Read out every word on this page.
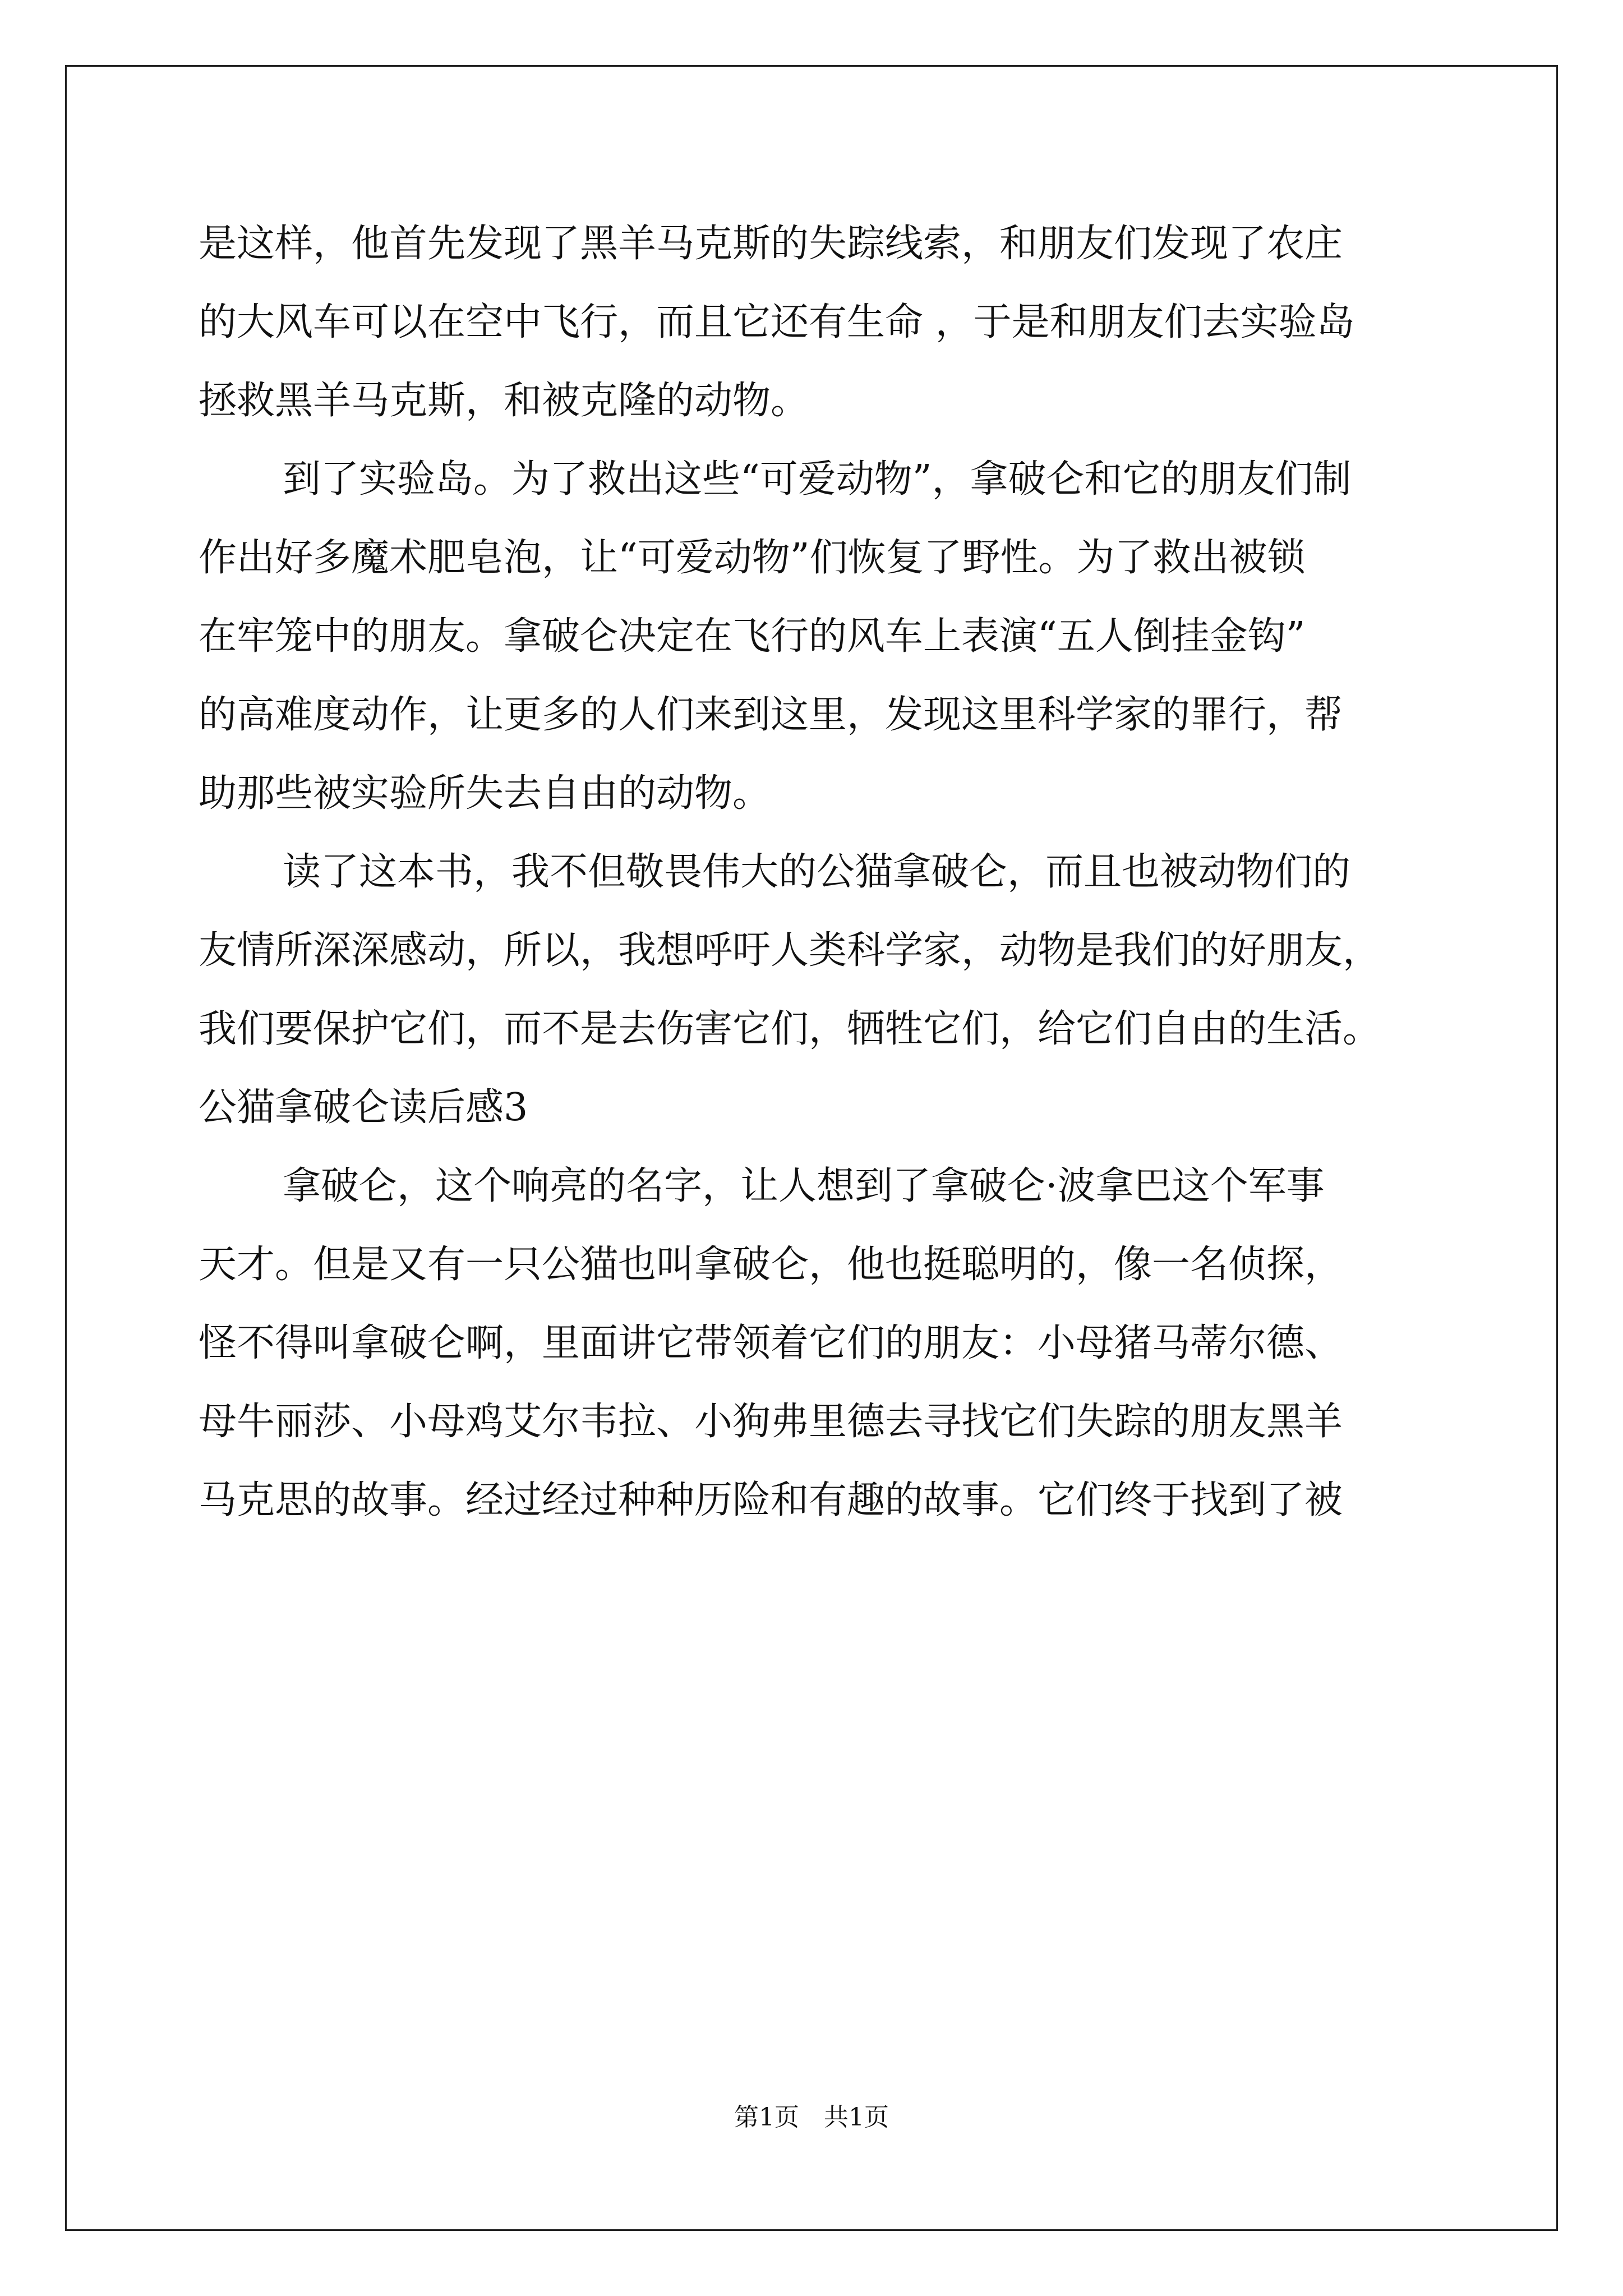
是这样，他首先发现了黑羊马克斯的失踪线索，和朋友们发现了农庄
的大风车可以在空中飞行，而且它还有生命 ，于是和朋友们去实验岛
拯救黑羊马克斯，和被克隆的动物。
到了实验岛。为了救出这些“可爱动物”，拿破仑和它的朋友们制
作出好多魔术肥皂泡，让“可爱动物”们恢复了野性。为了救出被锁
在牢笼中的朋友。拿破仑决定在飞行的风车上表演“五人倒挂金钩”
的高难度动作，让更多的人们来到这里，发现这里科学家的罪行，帮
助那些被实验所失去自由的动物。
读了这本书，我不但敬畏伟大的公猫拿破仑，而且也被动物们的
友情所深深感动，所以，我想呼吁人类科学家，动物是我们的好朋友，
我们要保护它们，而不是去伤害它们，牺牲它们，给它们自由的生活。
公猫拿破仑读后感3
拿破仑，这个响亮的名字，让人想到了拿破仑·波拿巴这个军事
天才。但是又有一只公猫也叫拿破仑，他也挺聪明的，像一名侦探，
怪不得叫拿破仑啊，里面讲它带领着它们的朋友：小母猪马蒂尔德、
母牛丽莎、小母鸡艾尔韦拉、小狗弗里德去寻找它们失踪的朋友黑羊
马克思的故事。经过经过种种历险和有趣的故事。它们终于找到了被
第1页　共1页
